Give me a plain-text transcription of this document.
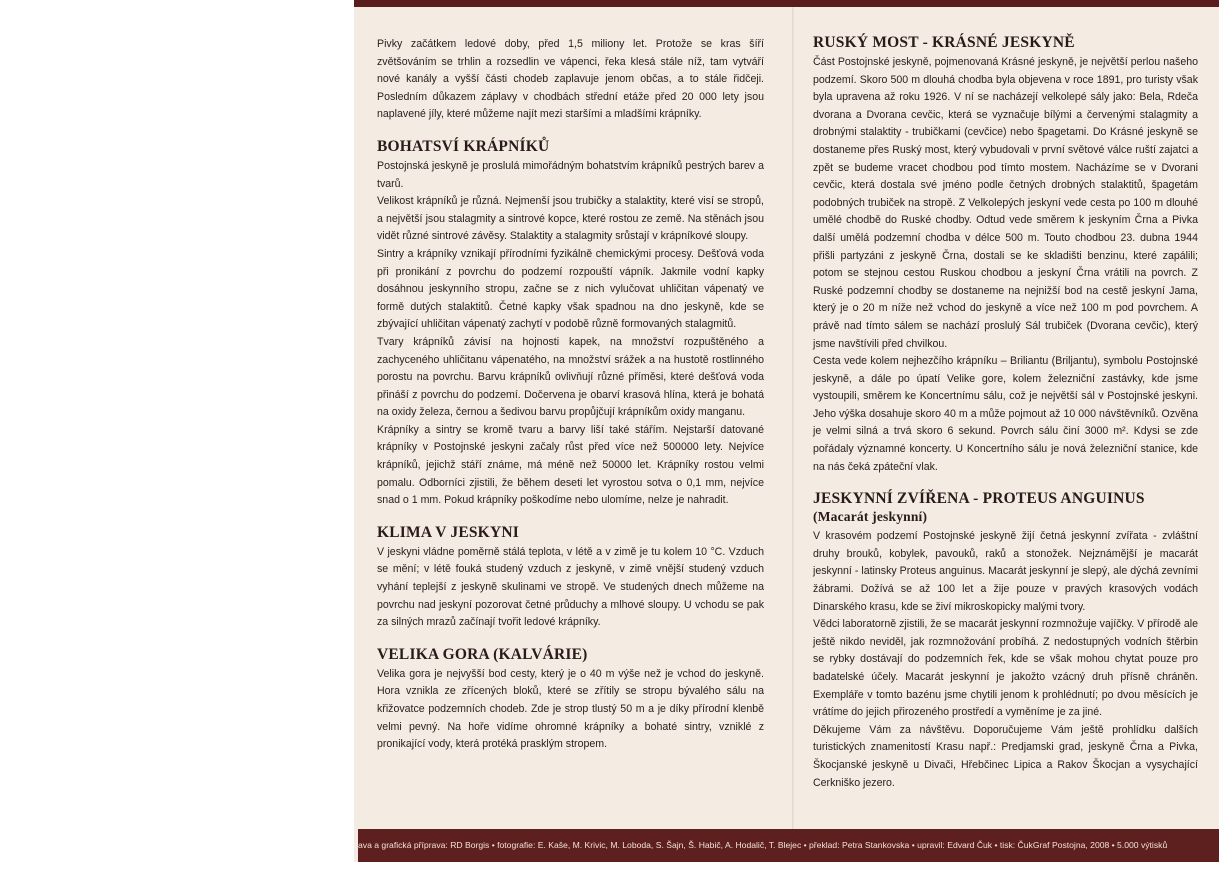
Pivky začátkem ledové doby, před 1,5 miliony let. Protože se kras šíří zvětšováním se trhlin a rozsedlin ve vápenci, řeka klesá stále níž, tam vytváří nové kanály a vyšší části chodeb zaplavuje jenom občas, a to stále řidčeji. Posledním důkazem záplavy v chodbách střední etáže před 20 000 lety jsou naplavené jíly, které můžeme najít mezi staršími a mladšími krápníky.

BOHATSVÍ KRÁPNÍKŮ

Postojnská jeskyně je proslulá mimořádným bohatstvím krápníků pestrých barev a tvarů.

Velikost krápníků je různá. Nejmenší jsou trubičky a stalaktity, které visí se stropů, a největší jsou stalagmity a sintrové kopce, které rostou ze země. Na stěnách jsou vidět různé sintrové závěsy. Stalaktity a stalagmity srůstají v krápníkové sloupy.

Sintry a krápníky vznikají přírodními fyzikálně chemickými procesy. Dešťová voda při pronikání z povrchu do podzemí rozpouští vápník. Jakmile vodní kapky dosáhnou jeskynního stropu, začne se z nich vylučovat uhličitan vápenatý ve formě dutých stalaktitů. Četné kapky však spadnou na dno jeskyně, kde se zbývající uhličitan vápenatý zachytí v podobě různě formovaných stalagmitů.

Tvary krápníků závisí na hojnosti kapek, na množství rozpuštěného a zachyceného uhličitanu vápenatého, na množství srážek a na hustotě rostlinného porostu na povrchu. Barvu krápníků ovlivňují různé příměsi, které dešťová voda přináší z povrchu do podzemí. Dočervena je obarví krasová hlína, která je bohatá na oxidy železa, černou a šedivou barvu propůjčují krápníkům oxidy manganu.

Krápníky a sintry se kromě tvaru a barvy liší také stářím. Nejstarší datované krápníky v Postojnské jeskyni začaly růst před více než 500000 lety. Nejvíce krápníků, jejichž stáří známe, má méně než 50000 let. Krápníky rostou velmi pomalu. Odborníci zjistili, že během deseti let vyrostou sotva o 0,1 mm, nejvíce snad o 1 mm. Pokud krápníky poškodíme nebo ulomíme, nelze je nahradit.

KLIMA V JESKYNI

V jeskyni vládne poměrně stálá teplota, v létě a v zimě je tu kolem 10 °C. Vzduch se mění; v létě fouká studený vzduch z jeskyně, v zimě vnější studený vzduch vyhání teplejší z jeskyně skulinami ve stropě. Ve studených dnech můžeme na povrchu nad jeskyní pozorovat četné průduchy a mlhové sloupy. U vchodu se pak za silných mrazů začínají tvořit ledové krápníky.

VELIKA GORA (KALVÁRIE)

Velika gora je nejvyšší bod cesty, který je o 40 m výše než je vchod do jeskyně. Hora vznikla ze zřícených bloků, které se zřítily se stropu bývalého sálu na křižovatce podzemních chodeb. Zde je strop tlustý 50 m a je díky přírodní klenbě velmi pevný. Na hoře vidíme ohromné krápníky a bohaté sintry, vzniklé z pronikající vody, která protéká prasklým stropem.

RUSKÝ MOST - KRÁSNÉ JESKYNĚ

Část Postojnské jeskyně, pojmenovaná Krásné jeskyně, je největší perlou našeho podzemí. Skoro 500 m dlouhá chodba byla objevena v roce 1891, pro turisty však byla upravena až roku 1926. V ní se nacházejí velkolepé sály jako: Bela, Rdeča dvorana a Dvorana cevčic, která se vyznačuje bílými a červenými stalagmity a drobnými stalaktity - trubičkami (cevčice) nebo špagetami. Do Krásné jeskyně se dostaneme přes Ruský most, který vybudovali v první světové válce ruští zajatci a zpět se budeme vracet chodbou pod tímto mostem. Nacházíme se v Dvorani cevčic, která dostala své jméno podle četných drobných stalaktitů, špagetám podobných trubiček na stropě. Z Velkolepých jeskyní vede cesta po 100 m dlouhé umělé chodbě do Ruské chodby. Odtud vede směrem k jeskyním Črna a Pivka další umělá podzemní chodba v délce 500 m. Touto chodbou 23. dubna 1944 přišli partyzáni z jeskyně Črna, dostali se ke skladišti benzinu, které zapálili; potom se stejnou cestou Ruskou chodbou a jeskyní Črna vrátili na povrch. Z Ruské podzemní chodby se dostaneme na nejnižší bod na cestě jeskyní Jama, který je o 20 m níže než vchod do jeskyně a více než 100 m pod povrchem. A právě nad tímto sálem se nachází proslulý Sál trubiček (Dvorana cevčic), který jsme navštívili před chvilkou.

Cesta vede kolem nejhezčího krápníku – Briliantu (Briljantu), symbolu Postojnské jeskyně, a dále po úpatí Velike gore, kolem železniční zastávky, kde jsme vystoupili, směrem ke Koncertnímu sálu, což je největší sál v Postojnské jeskyni. Jeho výška dosahuje skoro 40 m a může pojmout až 10 000 návštěvníků. Ozvěna je velmi silná a trvá skoro 6 sekund. Povrch sálu činí 3000 m². Kdysi se zde pořádaly významné koncerty. U Koncertního sálu je nová železniční stanice, kde na nás čeká zpáteční vlak.

JESKYNNÍ ZVÍŘENA - PROTEUS ANGUINUS
(Macarát jeskynní)

V krasovém podzemí Postojnské jeskyně žijí četná jeskynní zvířata - zvláštní druhy brouků, kobylek, pavouků, raků a stonožek. Nejznámější je macarát jeskynní - latinsky Proteus anguinus. Macarát jeskynní je slepý, ale dýchá zevními žábrami. Dožívá se až 100 let a žije pouze v pravých krasových vodách Dinarského krasu, kde se živí mikroskopicky malými tvory.

Vědci laboratorně zjistili, že se macarát jeskynní rozmnožuje vajíčky. V přírodě ale ještě nikdo neviděl, jak rozmnožování probíhá. Z nedostupných vodních štěrbin se rybky dostávají do podzemních řek, kde se však mohou chytat pouze pro badatelské účely. Macarát jeskynní je jakožto vzácný druh přísně chráněn. Exempláře v tomto bazénu jsme chytili jenom k prohlédnutí; po dvou měsících je vrátíme do jejich přirozeného prostředí a vyměníme je za jiné.

Děkujeme Vám za návštěvu. Doporučujeme Vám ještě prohlídku dalších turistických znamenitostí Krasu např.: Predjamski grad, jeskyně Črna a Pivka, Škocjanské jeskyně u Divači, Hřebčinec Lipica a Rakov Škocjan a vysychající Cerkniško jezero.

ava a grafická příprava: RD Borgis • fotografie: E. Kaše, M. Krivic, M. Loboda, S. Šajn, Š. Habič, A. Hodalič, T. Blejec • překlad: Petra Stankovska • upravil: Edvard Čuk • tisk: ČukGraf Postojna, 2008 • 5.000 výtisků
